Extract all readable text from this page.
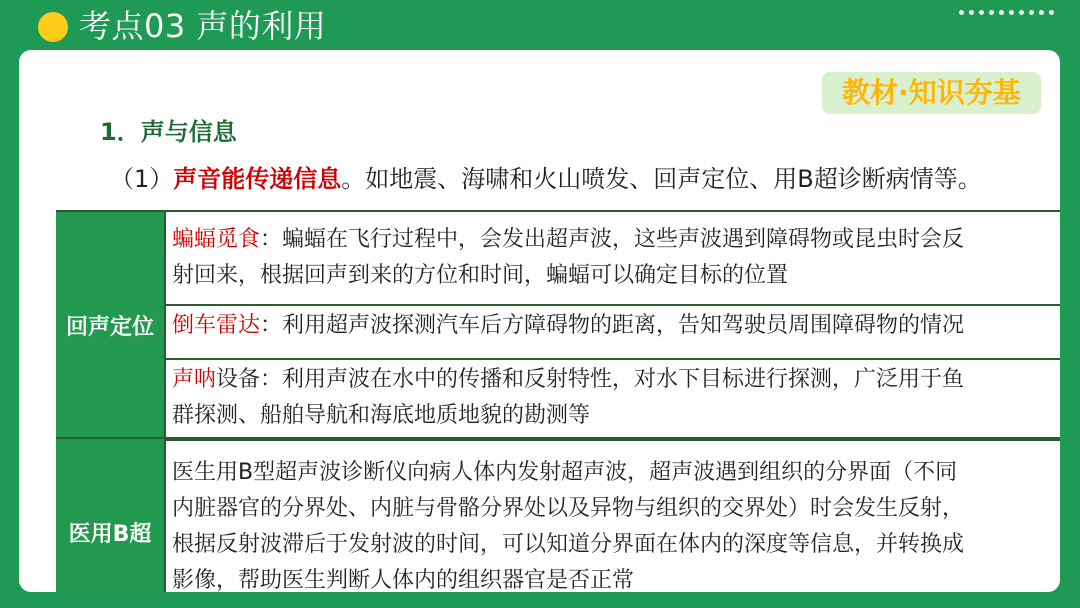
考点03 声的利用
教材·知识夯基
1．声与信息
（1）声音能传递信息。如地震、海啸和火山喷发、回声定位、用B超诊断病情等。
回声定位
蝙蝠觅食：蝙蝠在飞行过程中，会发出超声波，这些声波遇到障碍物或昆虫时会反
射回来，根据回声到来的方位和时间，蝙蝠可以确定目标的位置
倒车雷达：利用超声波探测汽车后方障碍物的距离，告知驾驶员周围障碍物的情况
声呐设备：利用声波在水中的传播和反射特性，对水下目标进行探测，广泛用于鱼
群探测、船舶导航和海底地质地貌的勘测等
医用B超
医生用B型超声波诊断仪向病人体内发射超声波，超声波遇到组织的分界面（不同
内脏器官的分界处、内脏与骨骼分界处以及异物与组织的交界处）时会发生反射，
根据反射波滞后于发射波的时间，可以知道分界面在体内的深度等信息，并转换成
影像，帮助医生判断人体内的组织器官是否正常
